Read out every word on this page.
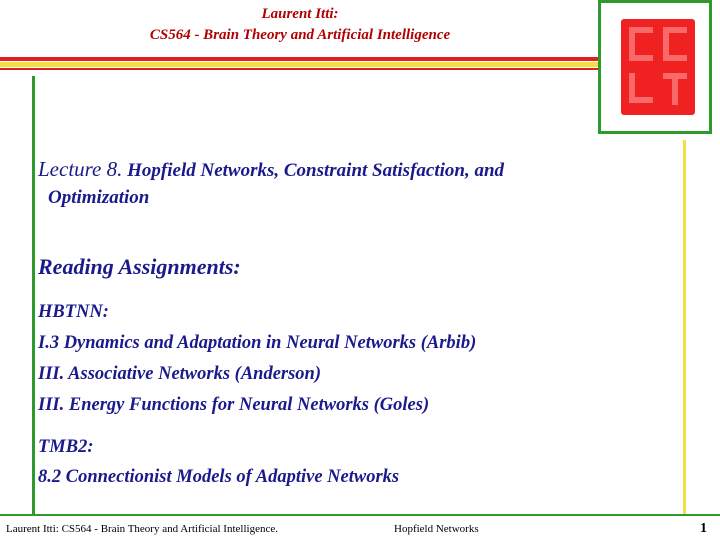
Laurent Itti:
CS564 - Brain Theory and Artificial Intelligence
Lecture 8. Hopfield Networks, Constraint Satisfaction, and
Optimization
Reading Assignments:
HBTNN:
I.3 Dynamics and Adaptation in Neural Networks (Arbib)
III. Associative Networks (Anderson)
III. Energy Functions for Neural Networks (Goles)
TMB2:
8.2 Connectionist Models of Adaptive Networks
Laurent Itti: CS564 - Brain Theory and Artificial Intelligence.	Hopfield Networks	1
